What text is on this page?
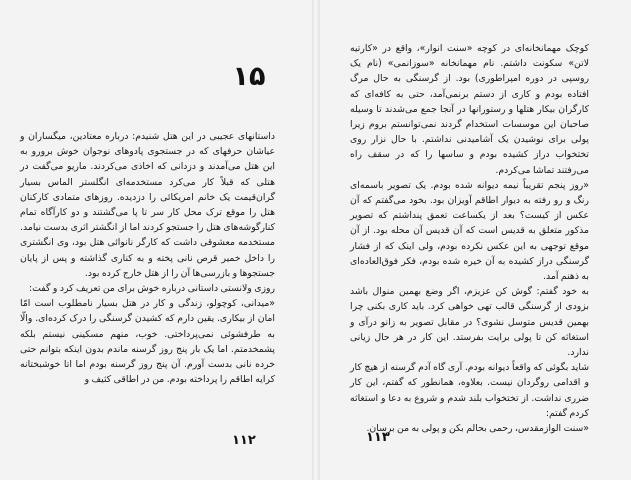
۱۵

داستانهای عجیبی در این هتل شنیدم: درباره معتادین، میگساران و عیاشان حرفهای که در جستجوی پادوهای نوجوان خوش برورو به این هتل می‌آمدند و دزدانی که اخاذی می‌کردند. ماریو می‌گفت در هتلی که قبلاً کار می‌کرد مستخدمه‌ای انگلستر الماس بسیار گران‌قیمت یک خانم امریکائی را دزدیده. روزهای متمادی کارکنان هتل را موقع ترک محل کار سر تا پا می‌گشتند و دو کارآگاه تمام کنارگوشه‌های هتل را جستجو کردند اما از انگشتر اثری بدست نیامد. مستخدمه معشوقی داشت که کارگر نانوائی هتل بود، وی انگشتری را داخل خمیر قرص نانی پخته و به کناری گذاشته و پس از پایان جستجوها و بازرسی‌ها آن را از هتل خارج کرده بود.

روزی ولانستی داستانی درباره خوش برای من تعریف کرد و گفت:

«میدانی، کوچولو، زندگی و کار در هتل بسیار نامطلوب است امّا امان از بیکاری. یقین دارم که کشیدن گرسنگی را درک کرده‌ای. والّا به طرفشوئی نمی‌پرداختی. خوب، منهم مسکینی نیستم بلکه پشمخدمتم. اما یک بار پنج روز گرسنه ماندم بدون اینکه بتوانم حتی خرده نانی بدست آورم. آن پنج روز گرسنه بودم اما اتا خوشبختانه کرایه اطاقم را پرداخته بودم. من در اطاقی کثیف و

۱۱۲

کوچک مهمانخانه‌ای در کوچه «سنت انوار»، واقع در «کارتیه لاتن» سکونت داشتم. نام مهمانخانه «سوزانمی» (نام یک روسپی در دوره امپراطوری) بود. از گرسنگی به حال مرگ افتاده بودم و کاری از دستم برنمی‌آمد، حتی به کافه‌ای که کارگران بیکار هتلها و رستورانها در آنجا جمع می‌شدند تا وسیله صاحبان این موسسات استخدام گردند نمی‌توانستم بروم زیرا پولی برای نوشیدن یک آشامیدنی نداشتم. با حال نزار روی تختخواب دراز کشیده بودم و ساسها را که در سقف راه می‌رفتند تماشا می‌کردم.

«روز پنجم تقریباً نیمه دیوانه شده بودم. یک تصویر باسمه‌ای رنگ و رو رفته به دیوار اطاقم آویزان بود. بخود می‌گفتم که آن عکس از کیست؟ بعد از یکساعت تعمق پنداشتم که تصویر مذکور متعلق به قدیس است که آن قدیس آن محله بود. از آن موقع توجهی به این عکس نکرده بودم، ولی اینک که از فشار گرسنگی دراز کشیده به آن خیره شده بودم، فکر فوق‌العاده‌ای به ذهنم آمد.

به خود گفتم: گوش کن عزیزم، اگر وضع بهمین منوال باشد بزودی از گرسنگی قالب تهی خواهی کرد. باید کاری بکنی چرا بهمین قدیس متوسل نشوی؟ در مقابل تصویر به زانو درآی و استغاثه کن تا پولی برایت بفرستد. این کار در هر حال زیانی ندارد.

شاید بگوئی که واقعاً دیوانه بودم. آری گاه آدم گرسنه از هیچ کار و اقدامی روگردان نیست. بعلاوه، همانطور که گفتم، این کار ضرری نداشت. از تختخواب بلند شدم و شروع به دعا و استغاثه کردم گفتم:

«سنت الوازمقدس، رحمی بحالم بکن و پولی به من برسان.

۱۱۳
